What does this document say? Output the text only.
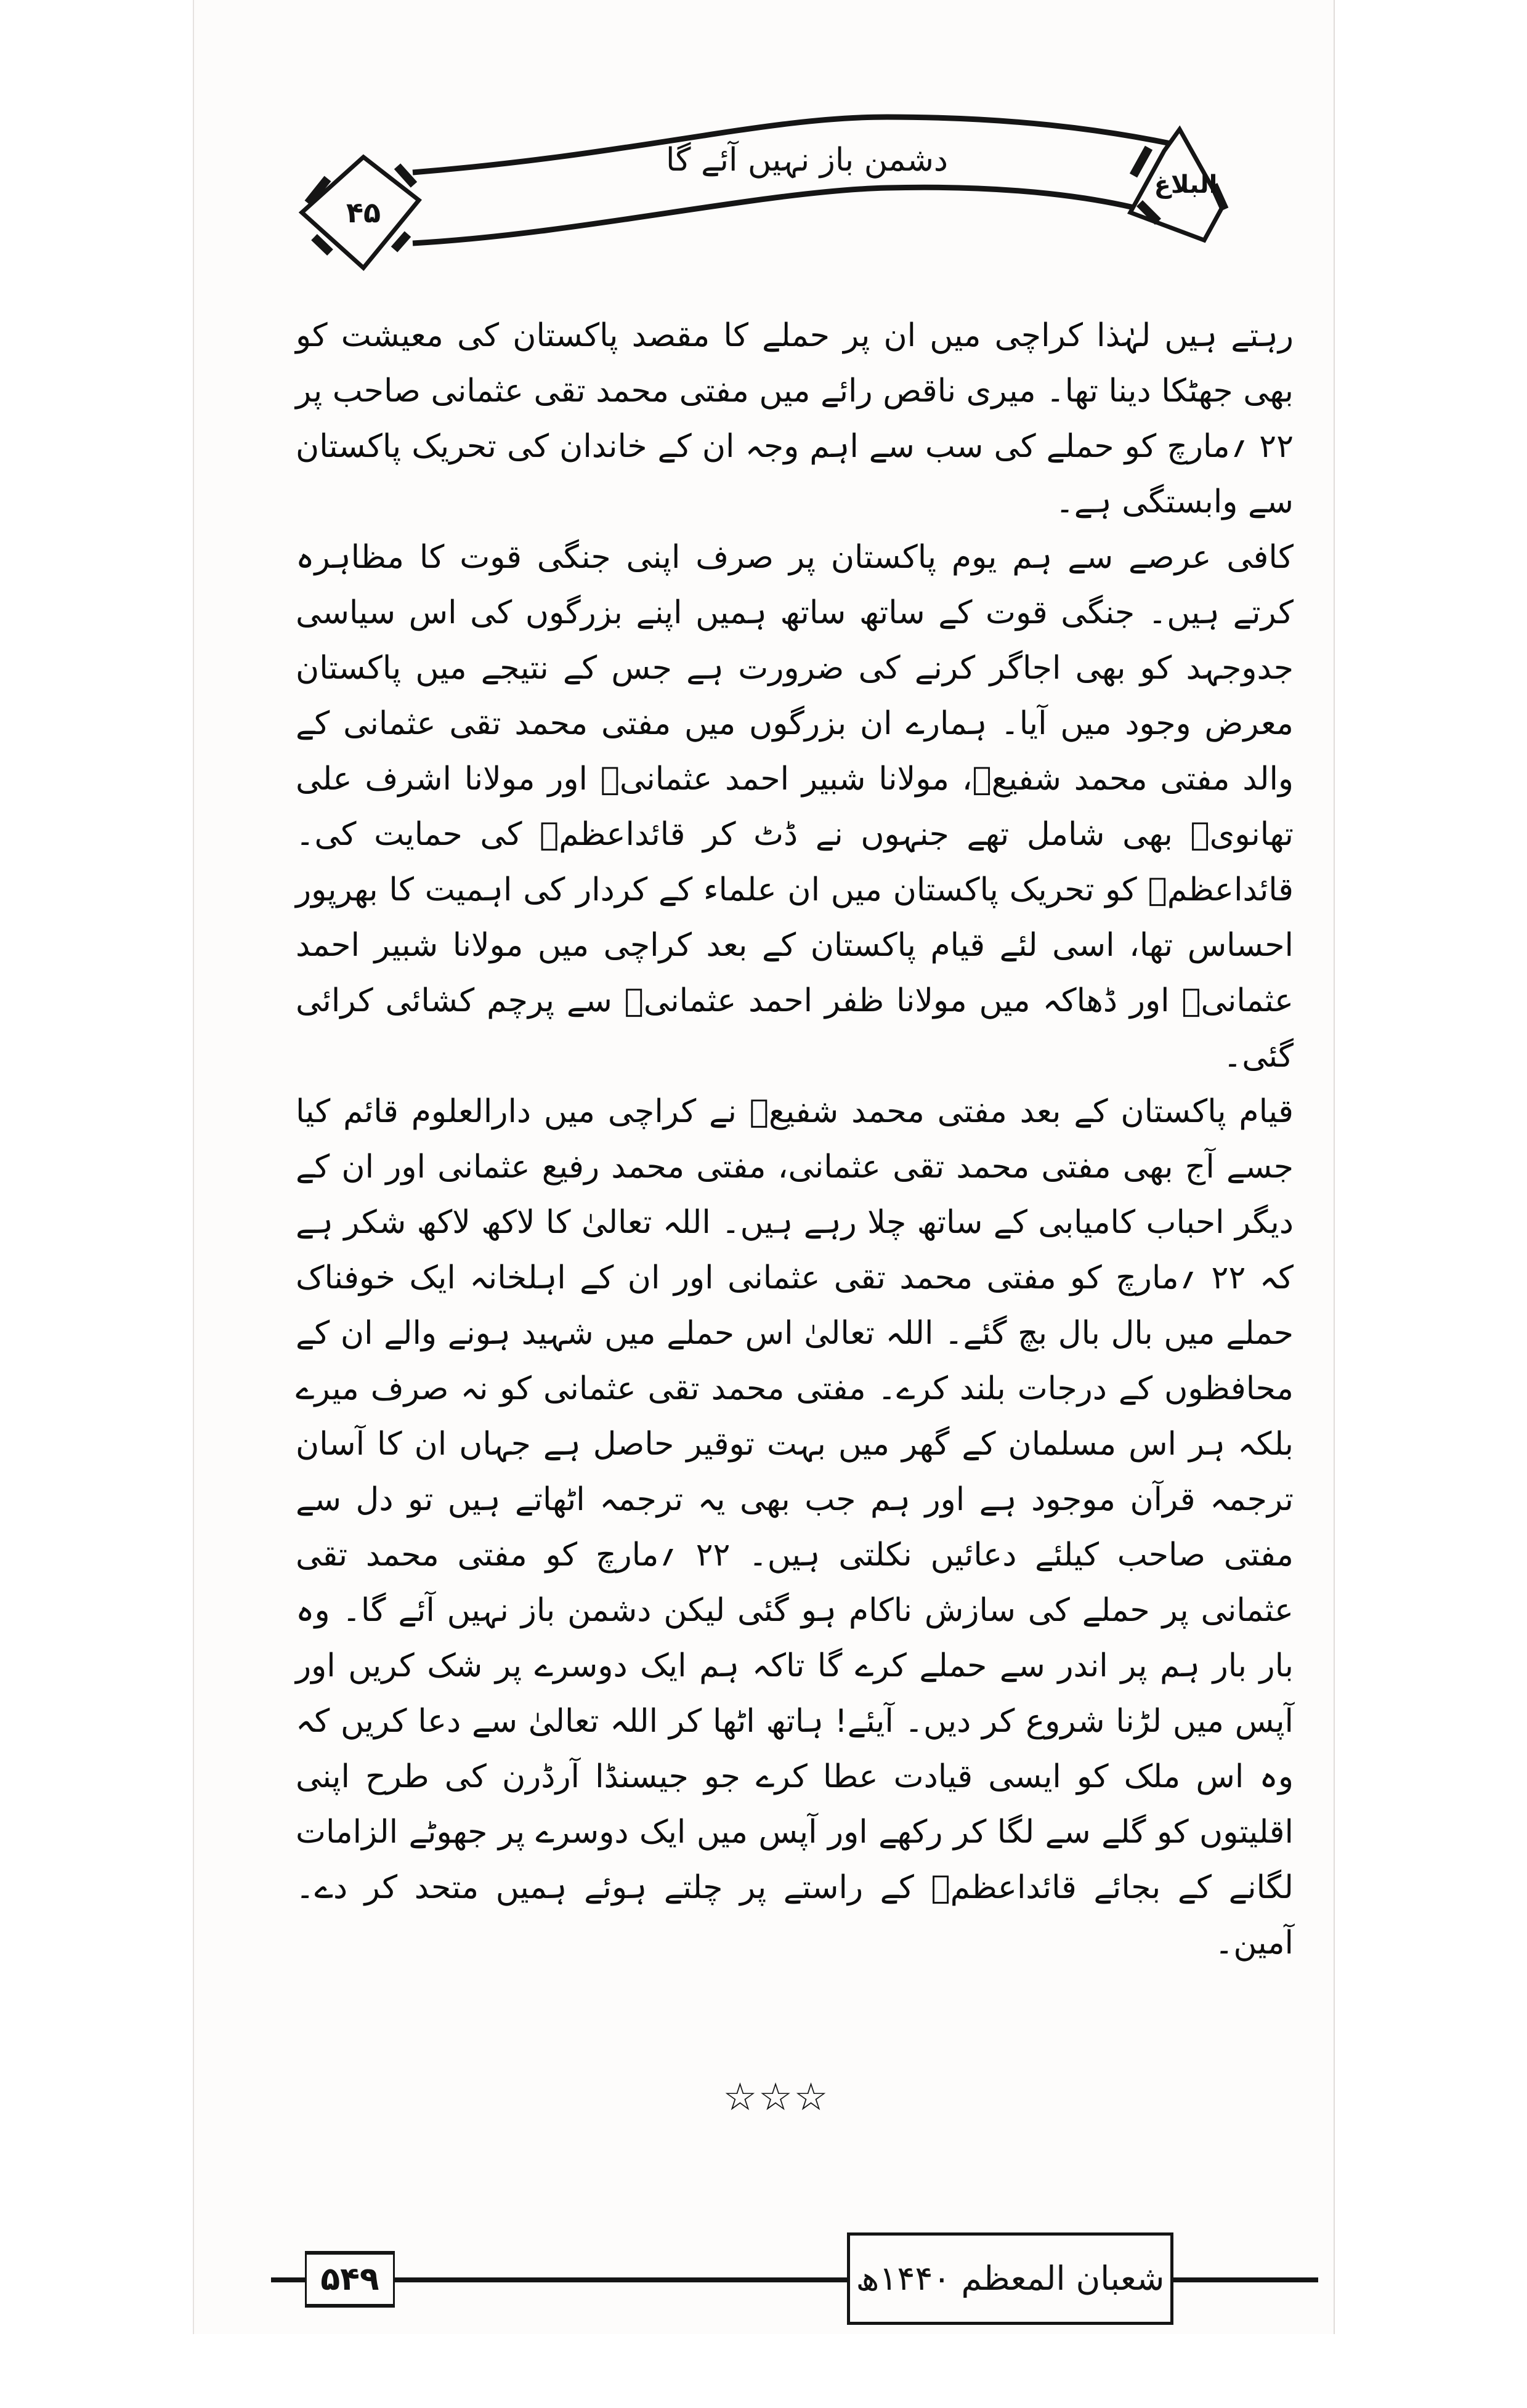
۴۵
دشمن باز نہیں آئے گا
البلاغ

رہتے ہیں لہٰذا کراچی میں ان پر حملے کا مقصد پاکستان کی معیشت کو بھی جھٹکا دینا تھا۔ میری ناقص رائے میں مفتی محمد تقی عثمانی صاحب پر ۲۲ ؍مارچ کو حملے کی سب سے اہم وجہ ان کے خاندان کی تحریک پاکستان سے وابستگی ہے۔

کافی عرصے سے ہم یوم پاکستان پر صرف اپنی جنگی قوت کا مظاہرہ کرتے ہیں۔ جنگی قوت کے ساتھ ساتھ ہمیں اپنے بزرگوں کی اس سیاسی جدوجہد کو بھی اجاگر کرنے کی ضرورت ہے جس کے نتیجے میں پاکستان معرض وجود میں آیا۔ ہمارے ان بزرگوں میں مفتی محمد تقی عثمانی کے والد مفتی محمد شفیعؒ، مولانا شبیر احمد عثمانیؒ اور مولانا اشرف علی تھانویؒ بھی شامل تھے جنہوں نے ڈٹ کر قائداعظمؒ کی حمایت کی۔ قائداعظمؒ کو تحریک پاکستان میں ان علماء کے کردار کی اہمیت کا بھرپور احساس تھا، اسی لئے قیام پاکستان کے بعد کراچی میں مولانا شبیر احمد عثمانیؒ اور ڈھاکہ میں مولانا ظفر احمد عثمانیؒ سے پرچم کشائی کرائی گئی۔

قیام پاکستان کے بعد مفتی محمد شفیعؒ نے کراچی میں دارالعلوم قائم کیا جسے آج بھی مفتی محمد تقی عثمانی، مفتی محمد رفیع عثمانی اور ان کے دیگر احباب کامیابی کے ساتھ چلا رہے ہیں۔ اللہ تعالیٰ کا لاکھ لاکھ شکر ہے کہ ۲۲ ؍مارچ کو مفتی محمد تقی عثمانی اور ان کے اہلخانہ ایک خوفناک حملے میں بال بال بچ گئے۔ اللہ تعالیٰ اس حملے میں شہید ہونے والے ان کے محافظوں کے درجات بلند کرے۔ مفتی محمد تقی عثمانی کو نہ صرف میرے بلکہ ہر اس مسلمان کے گھر میں بہت توقیر حاصل ہے جہاں ان کا آسان ترجمہ قرآن موجود ہے اور ہم جب بھی یہ ترجمہ اٹھاتے ہیں تو دل سے مفتی صاحب کیلئے دعائیں نکلتی ہیں۔ ۲۲ ؍مارچ کو مفتی محمد تقی عثمانی پر حملے کی سازش ناکام ہو گئی لیکن دشمن باز نہیں آئے گا۔ وہ بار بار ہم پر اندر سے حملے کرے گا تاکہ ہم ایک دوسرے پر شک کریں اور آپس میں لڑنا شروع کر دیں۔ آیئے! ہاتھ اٹھا کر اللہ تعالیٰ سے دعا کریں کہ وہ اس ملک کو ایسی قیادت عطا کرے جو جیسنڈا آرڈرن کی طرح اپنی اقلیتوں کو گلے سے لگا کر رکھے اور آپس میں ایک دوسرے پر جھوٹے الزامات لگانے کے بجائے قائداعظمؒ کے راستے پر چلتے ہوئے ہمیں متحد کر دے۔ آمین۔

☆☆☆
۵۴۹	شعبان المعظم ۱۴۴۰ھ
